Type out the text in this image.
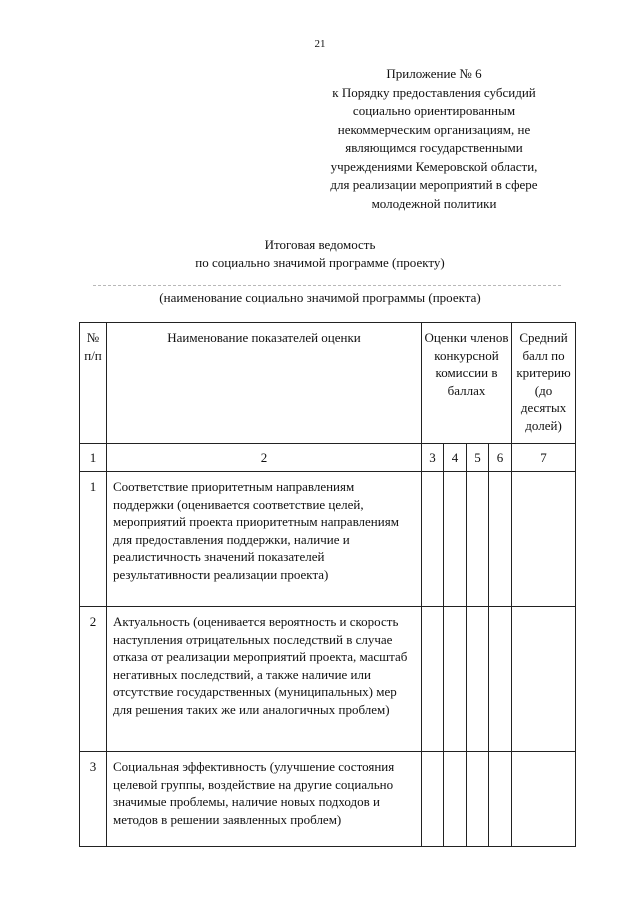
21
Приложение № 6
к Порядку предоставления субсидий
социально ориентированным
некоммерческим организациям, не
являющимся государственными
учреждениями Кемеровской области,
для реализации мероприятий в сфере
молодежной политики
Итоговая ведомость
по социально значимой программе (проекту)
(наименование социально значимой программы (проекта)
№ п/п	Наименование показателей оценки	Оценки членов конкурсной комиссии в баллах				Средний балл по критерию (до десятых долей)
1	2	3	4	5	6	7
1	Соответствие приоритетным направлениям поддержки (оценивается соответствие целей, мероприятий проекта приоритетным направлениям для предоставления поддержки, наличие и реалистичность значений показателей результативности реализации проекта)					
2	Актуальность (оценивается вероятность и скорость наступления отрицательных последствий в случае отказа от реализации мероприятий проекта, масштаб негативных последствий, а также наличие или отсутствие государственных (муниципальных) мер для решения таких же или аналогичных проблем)					
3	Социальная эффективность (улучшение состояния целевой группы, воздействие на другие социально значимые проблемы, наличие новых подходов и методов в решении заявленных проблем)					
